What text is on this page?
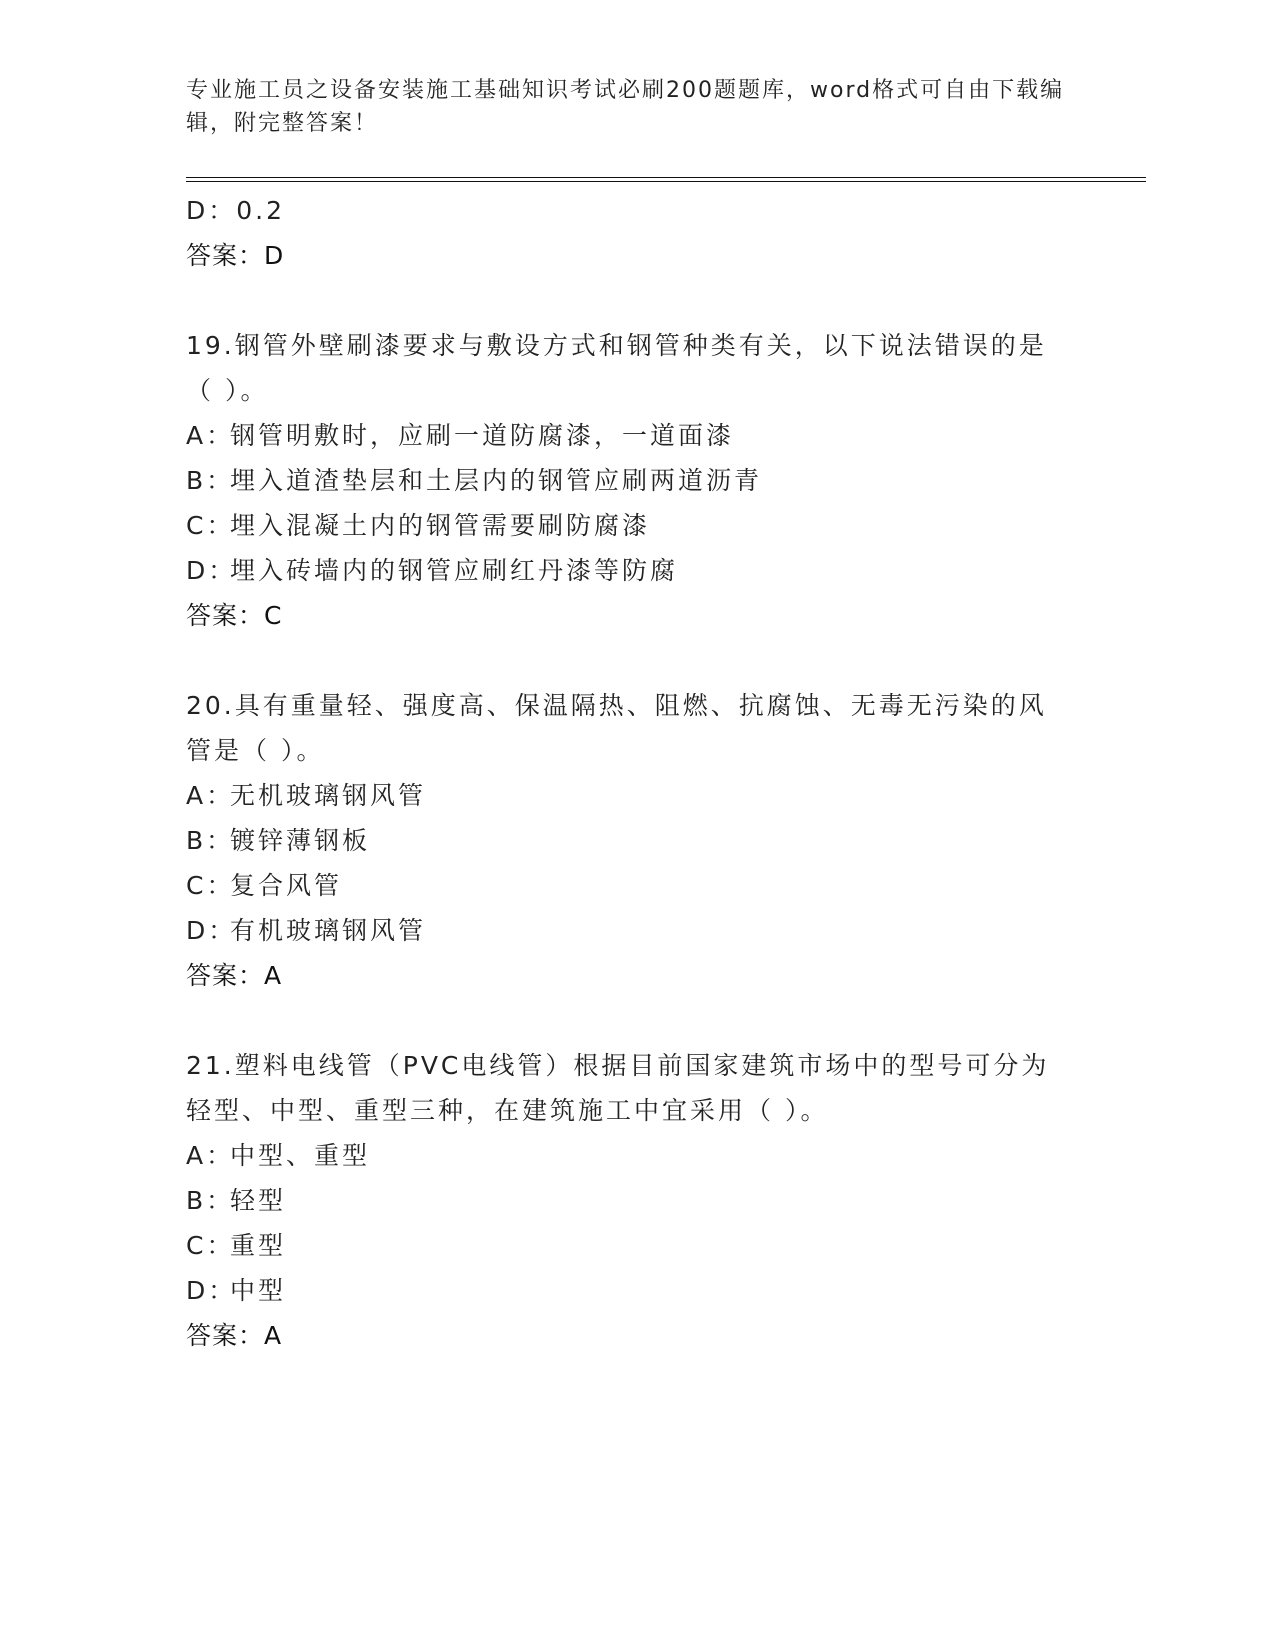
专业施工员之设备安装施工基础知识考试必刷200题题库，word格式可自由下载编辑，附完整答案！
D：0.2
答案：D
19.钢管外壁刷漆要求与敷设方式和钢管种类有关，以下说法错误的是（ ）。
A：钢管明敷时，应刷一道防腐漆，一道面漆
B：埋入道渣垫层和土层内的钢管应刷两道沥青
C：埋入混凝土内的钢管需要刷防腐漆
D：埋入砖墙内的钢管应刷红丹漆等防腐
答案：C
20.具有重量轻、强度高、保温隔热、阻燃、抗腐蚀、无毒无污染的风管是（ ）。
A：无机玻璃钢风管
B：镀锌薄钢板
C：复合风管
D：有机玻璃钢风管
答案：A
21.塑料电线管（PVC电线管）根据目前国家建筑市场中的型号可分为轻型、中型、重型三种，在建筑施工中宜采用（ ）。
A：中型、重型
B：轻型
C：重型
D：中型
答案：A
